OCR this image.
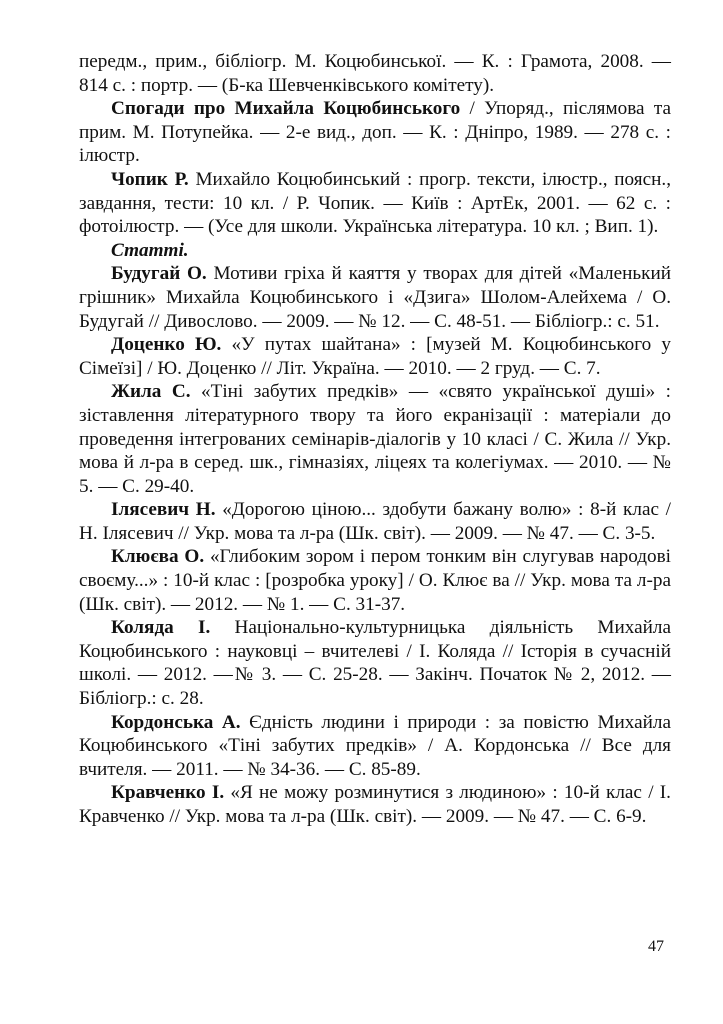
передм., прим., бібліогр. М. Коцюбинської. — К. : Грамота, 2008. — 814 с. : портр. — (Б-ка Шевченківського комітету).

Спогади про Михайла Коцюбинського / Упоряд., післямова та прим. М. Потупейка. — 2-е вид., доп. — К. : Дніпро, 1989. — 278 с. : ілюстр.

Чопик Р. Михайло Коцюбинський : прогр. тексти, ілюстр., поясн., завдання, тести: 10 кл. / Р. Чопик. — Київ : АртЕк, 2001. — 62 с. : фотоілюстр. — (Усе для школи. Українська література. 10 кл. ; Вип. 1).

Статті.

Будугай О. Мотиви гріха й каяття у творах для дітей «Маленький грішник» Михайла Коцюбинського і «Дзига» Шолом-Алейхема / О. Будугай // Дивослово. — 2009. — № 12. — С. 48-51. — Бібліогр.: с. 51.

Доценко Ю. «У путах шайтана» : [музей М. Коцюбинського у Сімеїзі] / Ю. Доценко // Літ. Україна. — 2010. — 2 груд. — С. 7.

Жила С. «Тіні забутих предків» — «свято української душі» : зіставлення літературного твору та його екранізації : матеріали до проведення інтегрованих семінарів-діалогів у 10 класі / С. Жила // Укр. мова й л-ра в серед. шк., гімназіях, ліцеях та колегіумах. — 2010. — № 5. — С. 29-40.

Ілясевич Н. «Дорогою ціною... здобути бажану волю» : 8-й клас / Н. Ілясевич // Укр. мова та л-ра (Шк. світ). — 2009. — № 47. — С. 3-5.

Клюєва О. «Глибоким зором і пером тонким він слугував народові своєму...» : 10-й клас : [розробка уроку] / О. Клює ва // Укр. мова та л-ра (Шк. світ). — 2012. — № 1. — С. 31-37.

Коляда І. Національно-культурницька діяльність Михайла Коцюбинського : науковці – вчителеві / І. Коляда // Історія в сучасній школі. — 2012. —№ 3. — С. 25-28. — Закінч. Початок № 2, 2012. — Бібліогр.: с. 28.

Кордонська А. Єдність людини і природи : за повістю Михайла Коцюбинського «Тіні забутих предків» / А. Кордонська // Все для вчителя. — 2011. — № 34-36. — С. 85-89.

Кравченко І. «Я не можу розминутися з людиною» : 10-й клас / І. Кравченко // Укр. мова та л-ра (Шк. світ). — 2009. — № 47. — С. 6-9.

47
